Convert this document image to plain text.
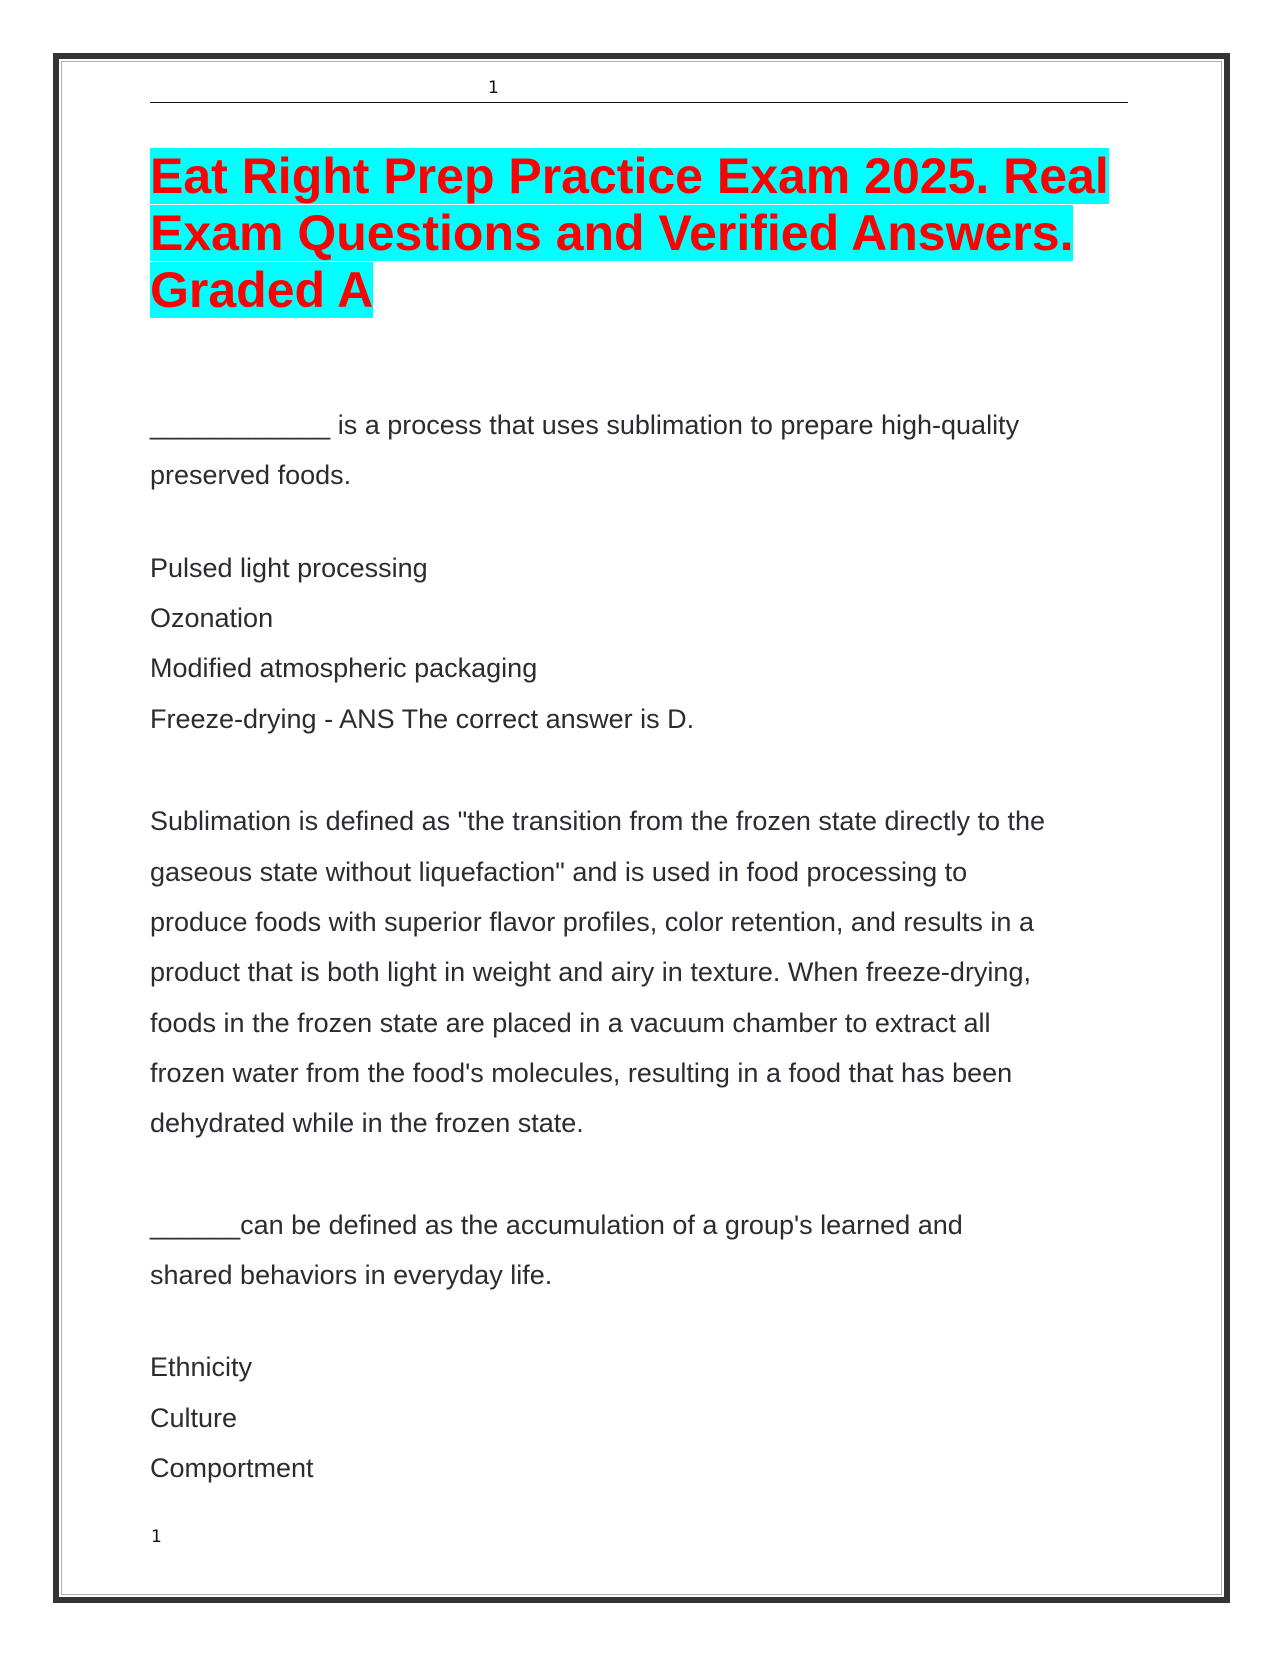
1
Eat Right Prep Practice Exam 2025. Real Exam Questions and Verified Answers. Graded A
____________ is a process that uses sublimation to prepare high-quality
preserved foods.
Pulsed light processing
Ozonation
Modified atmospheric packaging
Freeze-drying - ANS The correct answer is D.
Sublimation is defined as "the transition from the frozen state directly to the
gaseous state without liquefaction" and is used in food processing to
produce foods with superior flavor profiles, color retention, and results in a
product that is both light in weight and airy in texture. When freeze-drying,
foods in the frozen state are placed in a vacuum chamber to extract all
frozen water from the food's molecules, resulting in a food that has been
dehydrated while in the frozen state.
______can be defined as the accumulation of a group's learned and
shared behaviors in everyday life.
Ethnicity
Culture
Comportment
1
